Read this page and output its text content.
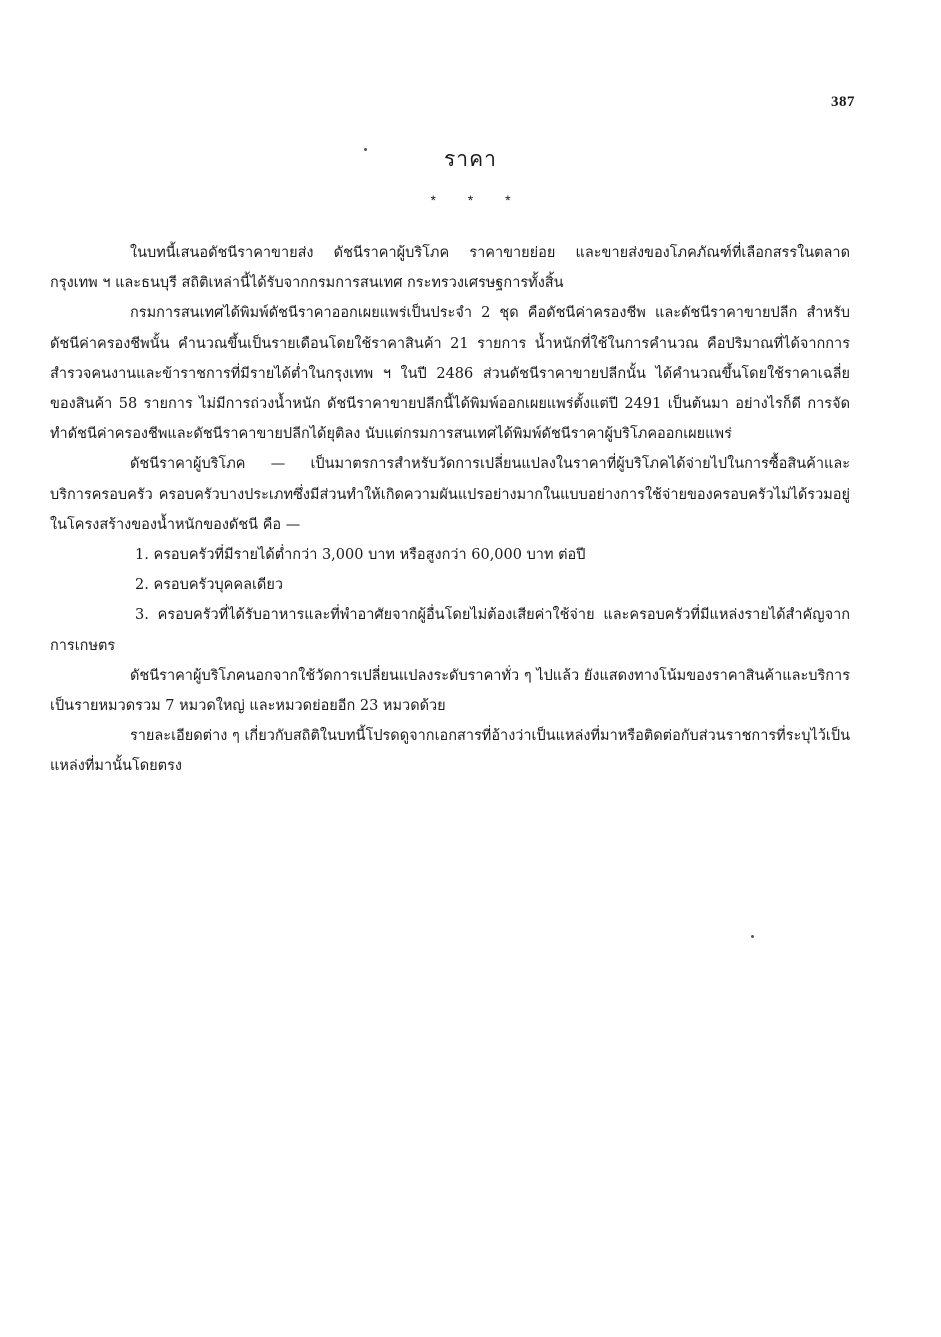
387
ราคา
* * *

ในบทนี้เสนอดัชนีราคาขายส่ง ดัชนีราคาผู้บริโภค ราคาขายย่อย และขายส่งของโภคภัณฑ์ที่เลือกสรรในตลาดกรุงเทพ ฯ และธนบุรี สถิติเหล่านี้ได้รับจากกรมการสนเทศ กระทรวงเศรษฐการทั้งสิ้น

กรมการสนเทศได้พิมพ์ดัชนีราคาออกเผยแพร่เป็นประจำ 2 ชุด คือดัชนีค่าครองชีพ และดัชนีราคาขายปลีก สำหรับดัชนีค่าครองชีพนั้น คำนวณขึ้นเป็นรายเดือนโดยใช้ราคาสินค้า 21 รายการ น้ำหนักที่ใช้ในการคำนวณ คือปริมาณที่ได้จากการสำรวจคนงานและข้าราชการที่มีรายได้ต่ำในกรุงเทพ ฯ ในปี 2486 ส่วนดัชนีราคาขายปลีกนั้น ได้คำนวณขึ้นโดยใช้ราคาเฉลี่ยของสินค้า 58 รายการ ไม่มีการถ่วงน้ำหนัก ดัชนีราคาขายปลีกนี้ได้พิมพ์ออกเผยแพร่ตั้งแต่ปี 2491 เป็นต้นมา อย่างไรก็ดี การจัดทำดัชนีค่าครองชีพและดัชนีราคาขายปลีกได้ยุติลง นับแต่กรมการสนเทศได้พิมพ์ดัชนีราคาผู้บริโภคออกเผยแพร่

ดัชนีราคาผู้บริโภค — เป็นมาตรการสำหรับวัดการเปลี่ยนแปลงในราคาที่ผู้บริโภคได้จ่ายไปในการซื้อสินค้าและบริการครอบครัว ครอบครัวบางประเภทซึ่งมีส่วนทำให้เกิดความผันแปรอย่างมากในแบบอย่างการใช้จ่ายของครอบครัวไม่ได้รวมอยู่ในโครงสร้างของน้ำหนักของดัชนี คือ —

1. ครอบครัวที่มีรายได้ต่ำกว่า 3,000 บาท หรือสูงกว่า 60,000 บาท ต่อปี

2. ครอบครัวบุคคลเดียว

3. ครอบครัวที่ได้รับอาหารและที่พำอาศัยจากผู้อื่นโดยไม่ต้องเสียค่าใช้จ่าย และครอบครัวที่มีแหล่งรายได้สำคัญจากการเกษตร

ดัชนีราคาผู้บริโภคนอกจากใช้วัดการเปลี่ยนแปลงระดับราคาทั่ว ๆ ไปแล้ว ยังแสดงทางโน้มของราคาสินค้าและบริการเป็นรายหมวดรวม 7 หมวดใหญ่ และหมวดย่อยอีก 23 หมวดด้วย

รายละเอียดต่าง ๆ เกี่ยวกับสถิติในบทนี้โปรดดูจากเอกสารที่อ้างว่าเป็นแหล่งที่มาหรือติดต่อกับส่วนราชการที่ระบุไว้เป็นแหล่งที่มานั้นโดยตรง
